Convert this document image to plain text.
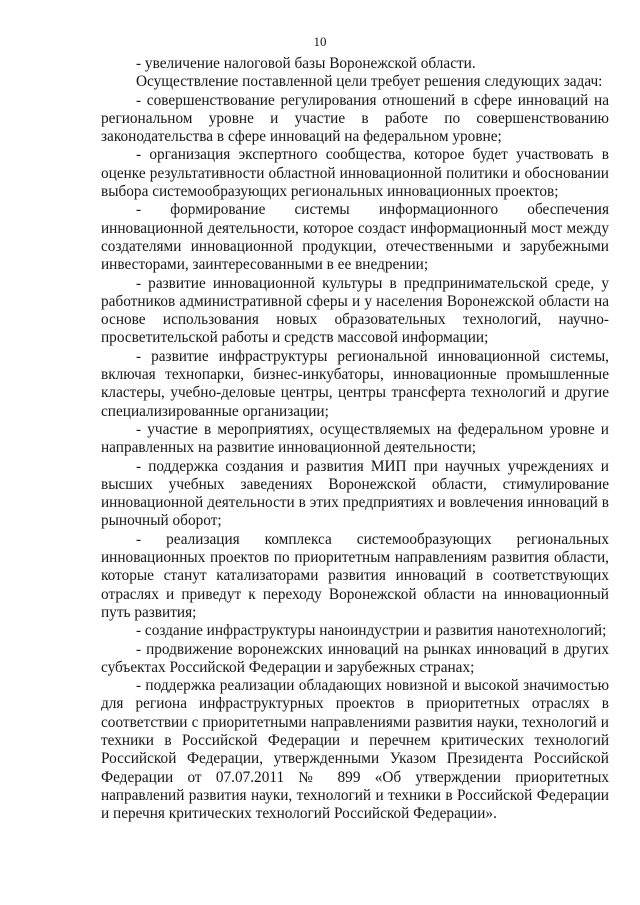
10

- увеличение налоговой базы Воронежской области.

Осуществление поставленной цели требует решения следующих задач:

- совершенствование регулирования отношений в сфере инноваций на региональном уровне и участие в работе по совершенствованию законодательства в сфере инноваций на федеральном уровне;

- организация экспертного сообщества, которое будет участвовать в оценке результативности областной инновационной политики и обосновании выбора системообразующих региональных инновационных проектов;

- формирование системы информационного обеспечения инновационной деятельности, которое создаст информационный мост между создателями инновационной продукции, отечественными и зарубежными инвесторами, заинтересованными в ее внедрении;

- развитие инновационной культуры в предпринимательской среде, у работников административной сферы и у населения Воронежской области на основе использования новых образовательных технологий, научно-просветительской работы и средств массовой информации;

- развитие инфраструктуры региональной инновационной системы, включая технопарки, бизнес-инкубаторы, инновационные промышленные кластеры, учебно-деловые центры, центры трансферта технологий и другие специализированные организации;

- участие в мероприятиях, осуществляемых на федеральном уровне и направленных на развитие инновационной деятельности;

- поддержка создания и развития МИП при научных учреждениях и высших учебных заведениях Воронежской области, стимулирование инновационной деятельности в этих предприятиях и вовлечения инноваций в рыночный оборот;

- реализация комплекса системообразующих региональных инновационных проектов по приоритетным направлениям развития области, которые станут катализаторами развития инноваций в соответствующих отраслях и приведут к переходу Воронежской области на инновационный путь развития;

- создание инфраструктуры наноиндустрии и развития нанотехнологий;

- продвижение воронежских инноваций на рынках инноваций в других субъектах Российской Федерации и зарубежных странах;

- поддержка реализации обладающих новизной и высокой значимостью для региона инфраструктурных проектов в приоритетных отраслях в соответствии с приоритетными направлениями развития науки, технологий и техники в Российской Федерации и перечнем критических технологий Российской Федерации, утвержденными Указом Президента Российской Федерации от 07.07.2011 № 899 «Об утверждении приоритетных направлений развития науки, технологий и техники в Российской Федерации и перечня критических технологий Российской Федерации».
